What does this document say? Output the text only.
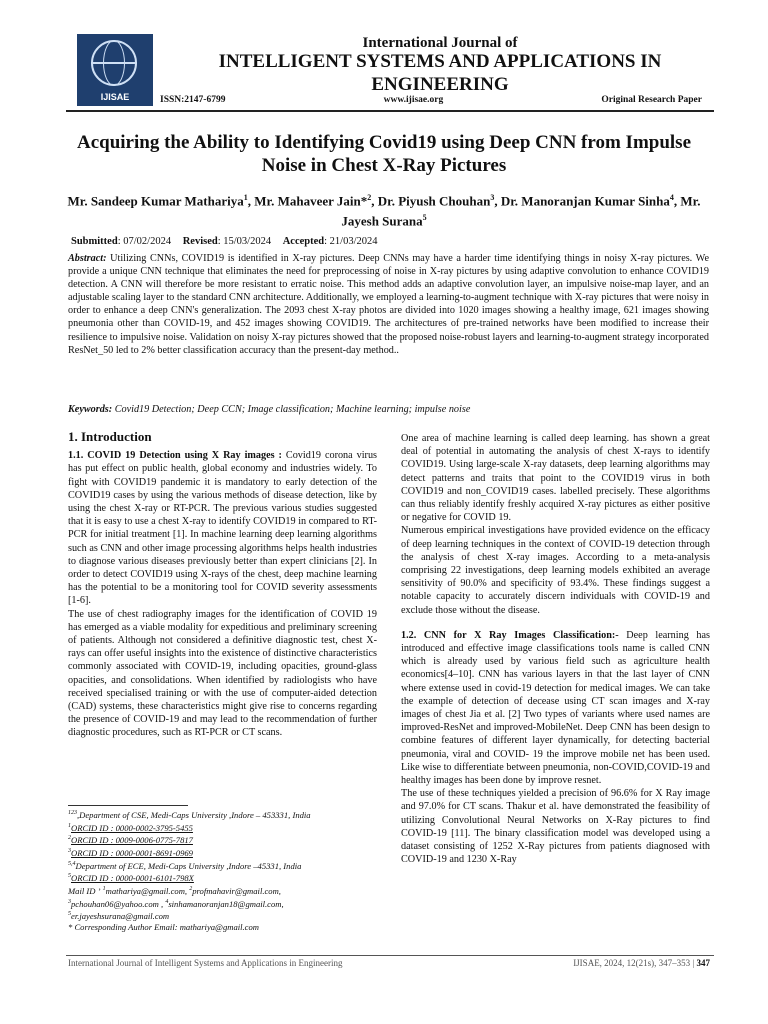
IJISAE
International Journal of
INTELLIGENT SYSTEMS AND APPLICATIONS IN ENGINEERING
ISSN:2147-6799	www.ijisae.org	Original Research Paper
Acquiring the Ability to Identifying Covid19 using Deep CNN from Impulse Noise in Chest X-Ray Pictures
Mr. Sandeep Kumar Mathariya$^1$, Mr. Mahaveer Jain*$^2$, Dr. Piyush Chouhan$^3$, Dr. Manoranjan Kumar Sinha$^4$, Mr. Jayesh Surana$^5$
Submitted: 07/02/2024 Revised: 15/03/2024 Accepted: 21/03/2024
Abstract: Utilizing CNNs, COVID19 is identified in X-ray pictures. Deep CNNs may have a harder time identifying things in noisy X-ray pictures. We provide a unique CNN technique that eliminates the need for preprocessing of noise in X-ray pictures by using adaptive convolution to enhance COVID19 detection. A CNN will therefore be more resistant to erratic noise. This method adds an adaptive convolution layer, an impulsive noise-map layer, and an adjustable scaling layer to the standard CNN architecture. Additionally, we employed a learning-to-augment technique with X-ray pictures that were noisy in order to enhance a deep CNN's generalization. The 2093 chest X-ray photos are divided into 1020 images showing a healthy image, 621 images showing pneumonia other than COVID-19, and 452 images showing COVID19. The architectures of pre-trained networks have been modified to increase their resilience to impulsive noise. Validation on noisy X-ray pictures showed that the proposed noise-robust layers and learning-to-augment strategy incorporated ResNet_50 led to 2% better classification accuracy than the present-day method..
Keywords: Covid19 Detection; Deep CCN; Image classification; Machine learning; impulse noise
1. Introduction

1.1. COVID 19 Detection using X Ray images : Covid19 corona virus has put effect on public health, global economy and industries widely. To fight with COVID19 pandemic it is mandatory to early detection of the COVID19 cases by using the various methods of disease detection, like by using the chest X-ray or RT-PCR. The previous various studies suggested that it is easy to use a chest X-ray to identify COVID19 in compared to RT-PCR for initial treatment [1]. In machine learning deep learning algorithms such as CNN and other image processing algorithms helps health industries to diagnose various diseases previously better than expert clinicians [2]. In order to detect COVID19 using X-rays of the chest, deep machine learning has the potential to be a monitoring tool for COVID severity assessments [1-6].

The use of chest radiography images for the identification of COVID 19 has emerged as a viable modality for expeditious and preliminary screening of patients. Although not considered a definitive diagnostic test, chest X-rays can offer useful insights into the existence of distinctive characteristics commonly associated with COVID-19, including opacities, ground-glass opacities, and consolidations. When identified by radiologists who have received specialised training or with the use of computer-aided detection (CAD) systems, these characteristics might give rise to concerns regarding the presence of COVID-19 and may lead to the recommendation of further diagnostic procedures, such as RT-PCR or CT scans.

$^{123}$,Department of CSE, Medi-Caps University ,Indore – 453331, India
$^1$ORCID ID : 0000-0002-3795-5455
$^2$ORCID ID : 0009-0006-0775-7817
$^3$ORCID ID : 0000-0001-8691-0969
$^{5,4}$Department of ECE, Medi-Caps University ,Indore –45331, India
$^5$ORCID ID : 0000-0001-6101-798X
Mail ID ʼ $^1$mathariya@gmail.com, $^2$profmahavir@gmail.com,
$^3$pchouhan06@yahoo.com , $^4$sinhamanoranjan18@gmail.com,
$^5$er.jayeshsurana@gmail.com
* Corresponding Author Email: mathariya@gmail.com

One area of machine learning is called deep learning. has shown a great deal of potential in automating the analysis of chest X-rays to identify COVID19. Using large-scale X-ray datasets, deep learning algorithms may detect patterns and traits that point to the COVID19 virus in both COVID19 and non_COVID19 cases. labelled precisely. These algorithms can thus reliably identify freshly acquired X-ray pictures as either positive or negative for COVID 19.

Numerous empirical investigations have provided evidence on the efficacy of deep learning techniques in the context of COVID-19 detection through the analysis of chest X-ray images. According to a meta-analysis comprising 22 investigations, deep learning models exhibited an average sensitivity of 90.0% and specificity of 93.4%. These findings suggest a notable capacity to accurately discern individuals with COVID-19 and exclude those without the disease.

1.2. CNN for X Ray Images Classification:- Deep learning has introduced and effective image classifications tools name is called CNN which is already used by various field such as agriculture health economics[4–10]. CNN has various layers in that the last layer of CNN where extense used in covid-19 detection for medical images. We can take the example of detection of decease using CT scan images and X-ray images of chest Jia et al. [2] Two types of variants where used names are improved-ResNet and improved-MobileNet. Deep CNN has been design to combine features of different layer dynamically, for detecting bacterial pneumonia, viral and COVID- 19 the improve mobile net has been used. Like wise to differentiate between pneumonia, non-COVID,COVID-19 and healthy images has been done by improve resnet.

The use of these techniques yielded a precision of 96.6% for X Ray image and 97.0% for CT scans. Thakur et al. have demonstrated the feasibility of utilizing Convolutional Neural Networks on X-Ray pictures to find COVID-19 [11]. The binary classification model was developed using a dataset consisting of 1252 X-Ray pictures from patients diagnosed with COVID-19 and 1230 X-Ray

International Journal of Intelligent Systems and Applications in Engineering	IJISAE, 2024, 12(21s), 347–353 | 347
